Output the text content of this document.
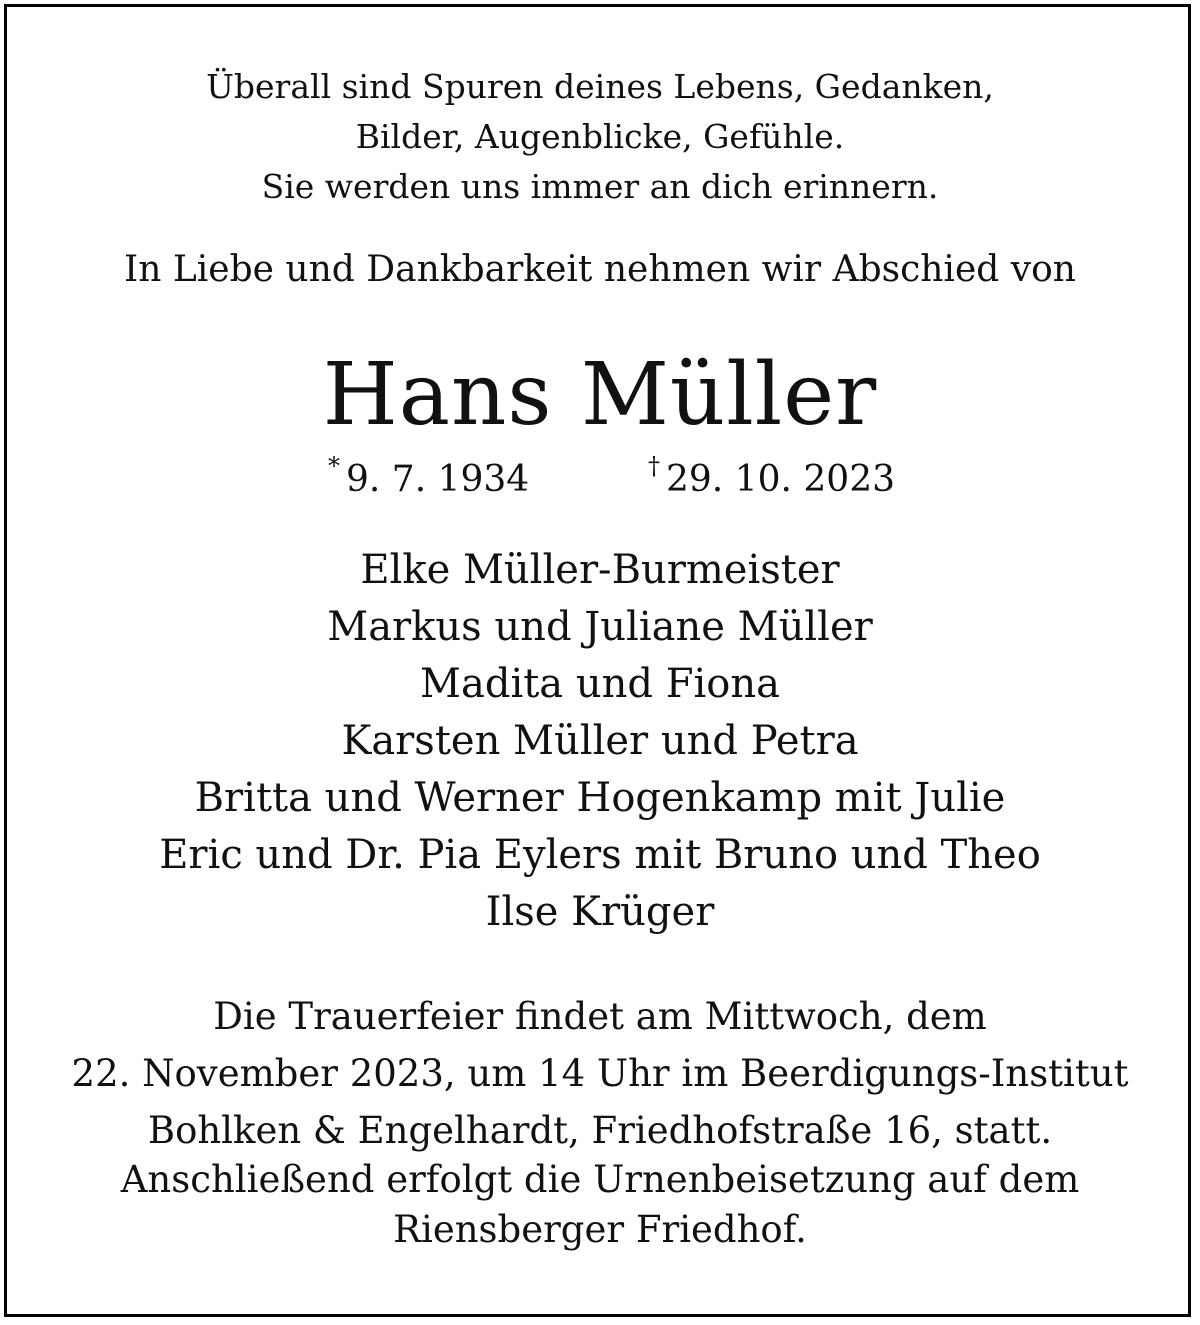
Überall sind Spuren deines Lebens, Gedanken,
Bilder, Augenblicke, Gefühle.
Sie werden uns immer an dich erinnern.
In Liebe und Dankbarkeit nehmen wir Abschied von
Hans Müller
* 9. 7. 1934	† 29. 10. 2023
Elke Müller-Burmeister
Markus und Juliane Müller
Madita und Fiona
Karsten Müller und Petra
Britta und Werner Hogenkamp mit Julie
Eric und Dr. Pia Eylers mit Bruno und Theo
Ilse Krüger
Die Trauerfeier findet am Mittwoch, dem
22. November 2023, um 14 Uhr im Beerdigungs-Institut
Bohlken & Engelhardt, Friedhofstraße 16, statt.
Anschließend erfolgt die Urnenbeisetzung auf dem
Riensberger Friedhof.
